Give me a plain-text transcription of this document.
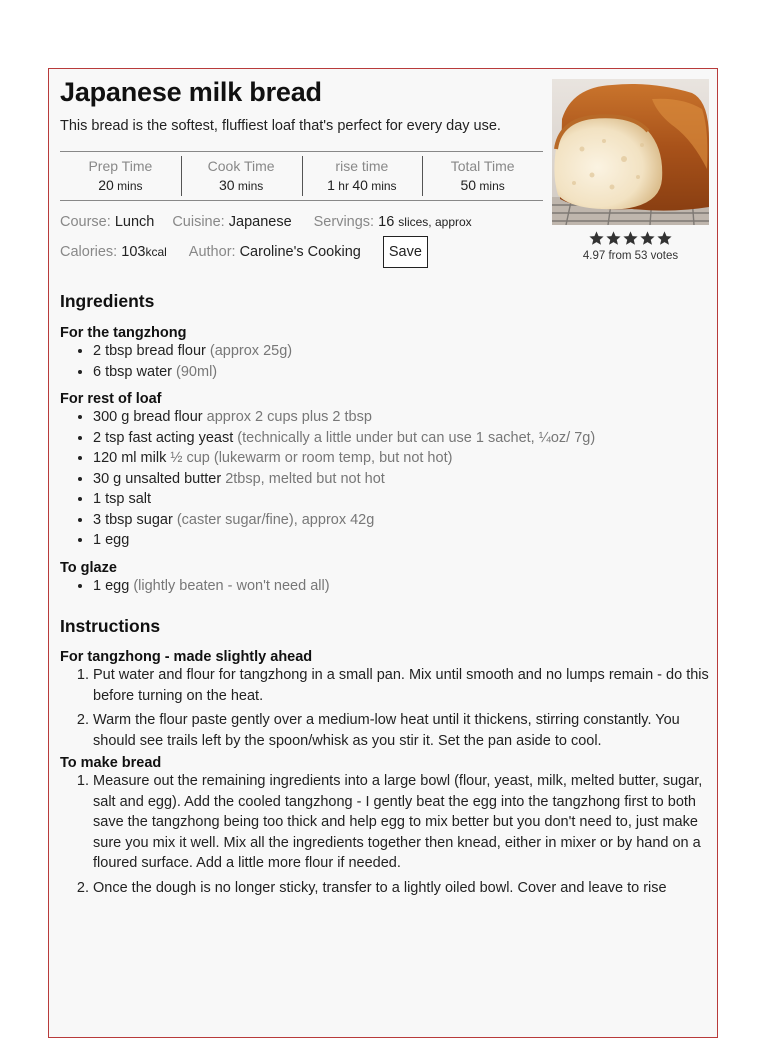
Japanese milk bread
This bread is the softest, fluffiest loaf that's perfect for every day use.
4.97 from 53 votes
Prep Time
20 mins
Cook Time
30 mins
rise time
1 hr 40 mins
Total Time
50 mins
Course:
Lunch Cuisine:
Japanese Servings:
16
slices, approx
Calories:
103 kcal Author:
Caroline's Cooking	Save
Ingredients
For the tangzhong
• 2 tbsp bread flour (approx 25g)
• 6 tbsp water (90ml)
For rest of loaf
• 300 g bread flour approx 2 cups plus 2 tbsp
• 2 tsp fast acting yeast (technically a little under but can use 1 sachet, ¼oz/ 7g)
• 120 ml milk ½ cup (lukewarm or room temp, but not hot)
• 30 g unsalted butter 2tbsp, melted but not hot
• 1 tsp salt
• 3 tbsp sugar (caster sugar/fine), approx 42g
• 1 egg
To glaze
• 1 egg (lightly beaten - won't need all)
Instructions
For tangzhong - made slightly ahead
1. Put water and flour for tangzhong in a small pan. Mix until smooth and no lumps remain - do this before turning on the heat.
2. Warm the flour paste gently over a medium-low heat until it thickens, stirring constantly. You should see trails left by the spoon/whisk as you stir it. Set the pan aside to cool.
To make bread
1. Measure out the remaining ingredients into a large bowl (flour, yeast, milk, melted butter, sugar, salt and egg). Add the cooled tangzhong - I gently beat the egg into the tangzhong first to both save the tangzhong being too thick and help egg to mix better but you don't need to, just make sure you mix it well. Mix all the ingredients together then knead, either in mixer or by hand on a floured surface. Add a little more flour if needed.
2. Once the dough is no longer sticky, transfer to a lightly oiled bowl. Cover and leave to rise
